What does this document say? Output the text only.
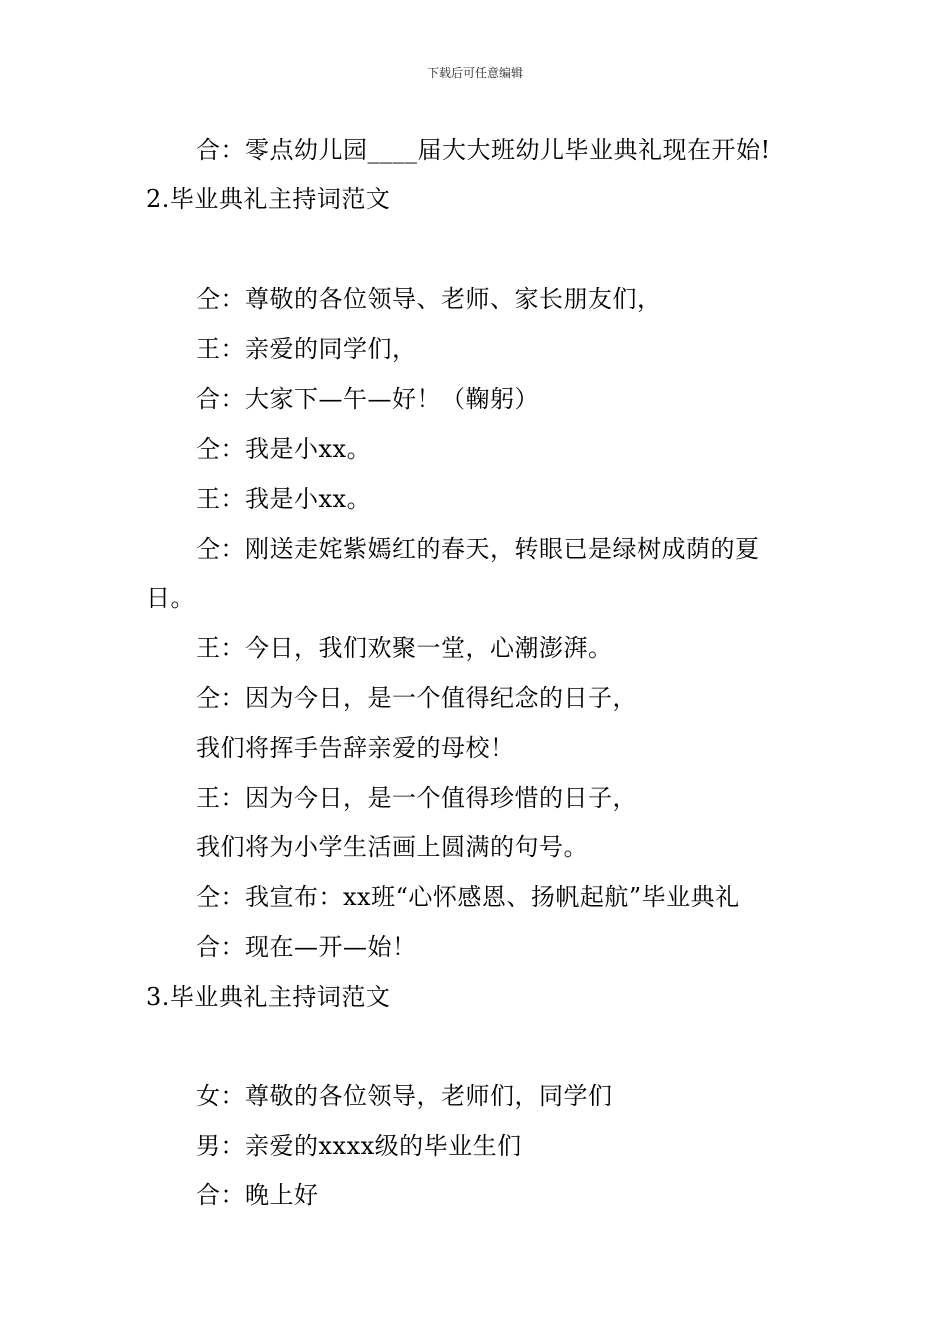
下载后可任意编辑
合：零点幼儿园____届大大班幼儿毕业典礼现在开始!
2.毕业典礼主持词范文
仝：尊敬的各位领导、老师、家长朋友们，
王：亲爱的同学们，
合：大家下—午—好！（鞠躬）
仝：我是小xx。
王：我是小xx。
仝：刚送走姹紫嫣红的春天，转眼已是绿树成荫的夏
日。
王：今日，我们欢聚一堂，心潮澎湃。
仝：因为今日，是一个值得纪念的日子，
我们将挥手告辞亲爱的母校！
王：因为今日，是一个值得珍惜的日子，
我们将为小学生活画上圆满的句号。
仝：我宣布：xx班“心怀感恩、扬帆起航”毕业典礼
合：现在—开—始！
3.毕业典礼主持词范文
女：尊敬的各位领导，老师们，同学们
男：亲爱的xxxx级的毕业生们
合：晚上好
